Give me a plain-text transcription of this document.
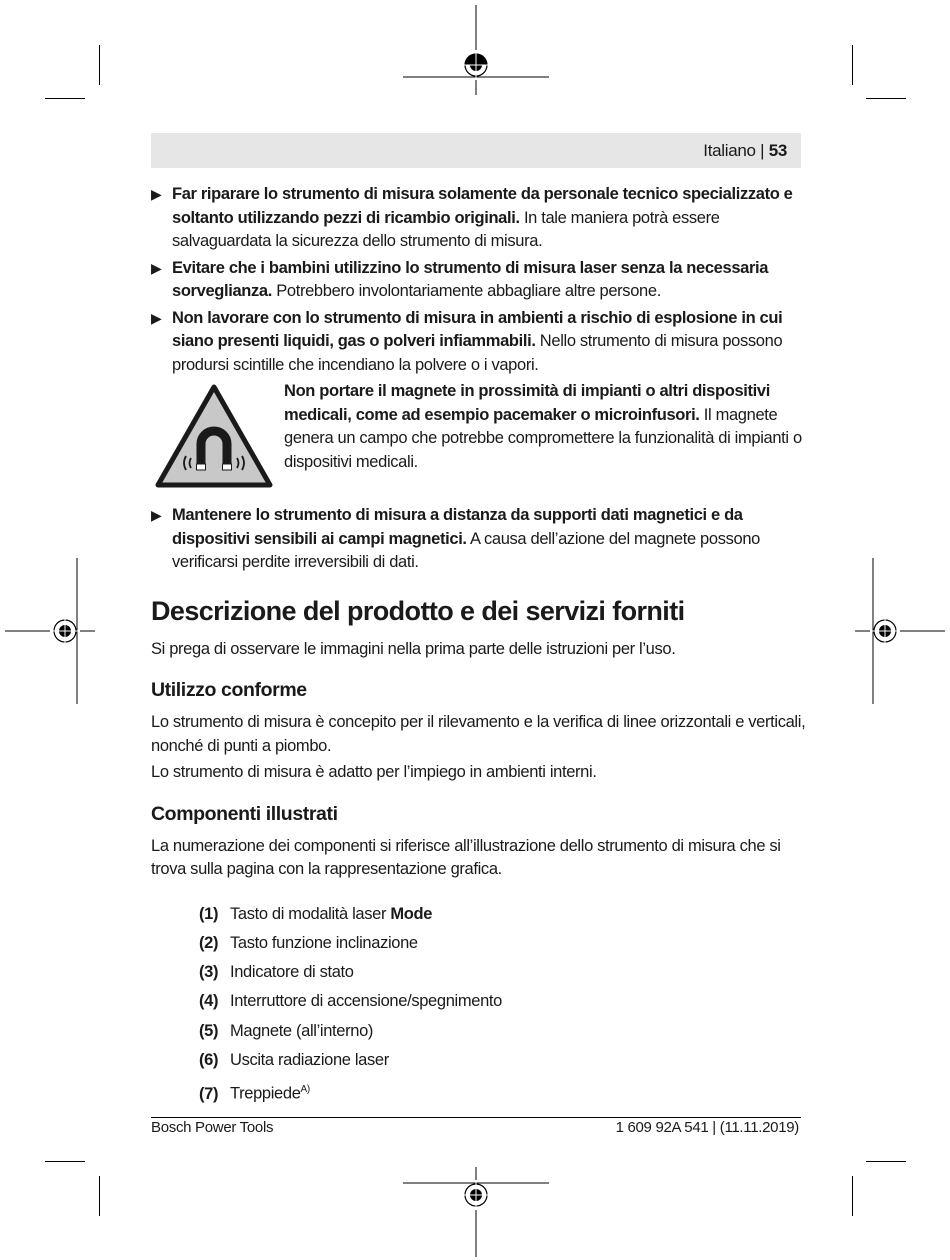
Italiano | 53
▶ Far riparare lo strumento di misura solamente da personale tecnico specializzato e soltanto utilizzando pezzi di ricambio originali. In tale maniera potrà essere salvaguardata la sicurezza dello strumento di misura.
▶ Evitare che i bambini utilizzino lo strumento di misura laser senza la necessaria sorveglianza. Potrebbero involontariamente abbagliare altre persone.
▶ Non lavorare con lo strumento di misura in ambienti a rischio di esplosione in cui siano presenti liquidi, gas o polveri infiammabili. Nello strumento di misura possono prodursi scintille che incendiano la polvere o i vapori.
Non portare il magnete in prossimità di impianti o altri dispositivi medicali, come ad esempio pacemaker o microinfusori. Il magnete genera un campo che potrebbe compromettere la funzionalità di impianti o dispositivi medicali.
▶ Mantenere lo strumento di misura a distanza da supporti dati magnetici e da dispositivi sensibili ai campi magnetici. A causa dell’azione del magnete possono verificarsi perdite irreversibili di dati.
Descrizione del prodotto e dei servizi forniti
Si prega di osservare le immagini nella prima parte delle istruzioni per l’uso.
Utilizzo conforme
Lo strumento di misura è concepito per il rilevamento e la verifica di linee orizzontali e verticali, nonché di punti a piombo.
Lo strumento di misura è adatto per l’impiego in ambienti interni.
Componenti illustrati
La numerazione dei componenti si riferisce all’illustrazione dello strumento di misura che si trova sulla pagina con la rappresentazione grafica.
(1) Tasto di modalità laser Mode
(2) Tasto funzione inclinazione
(3) Indicatore di stato
(4) Interruttore di accensione/spegnimento
(5) Magnete (all’interno)
(6) Uscita radiazione laser
(7) Treppiede$^{A)}$
Bosch Power Tools	1 609 92A 541 | (11.11.2019)
